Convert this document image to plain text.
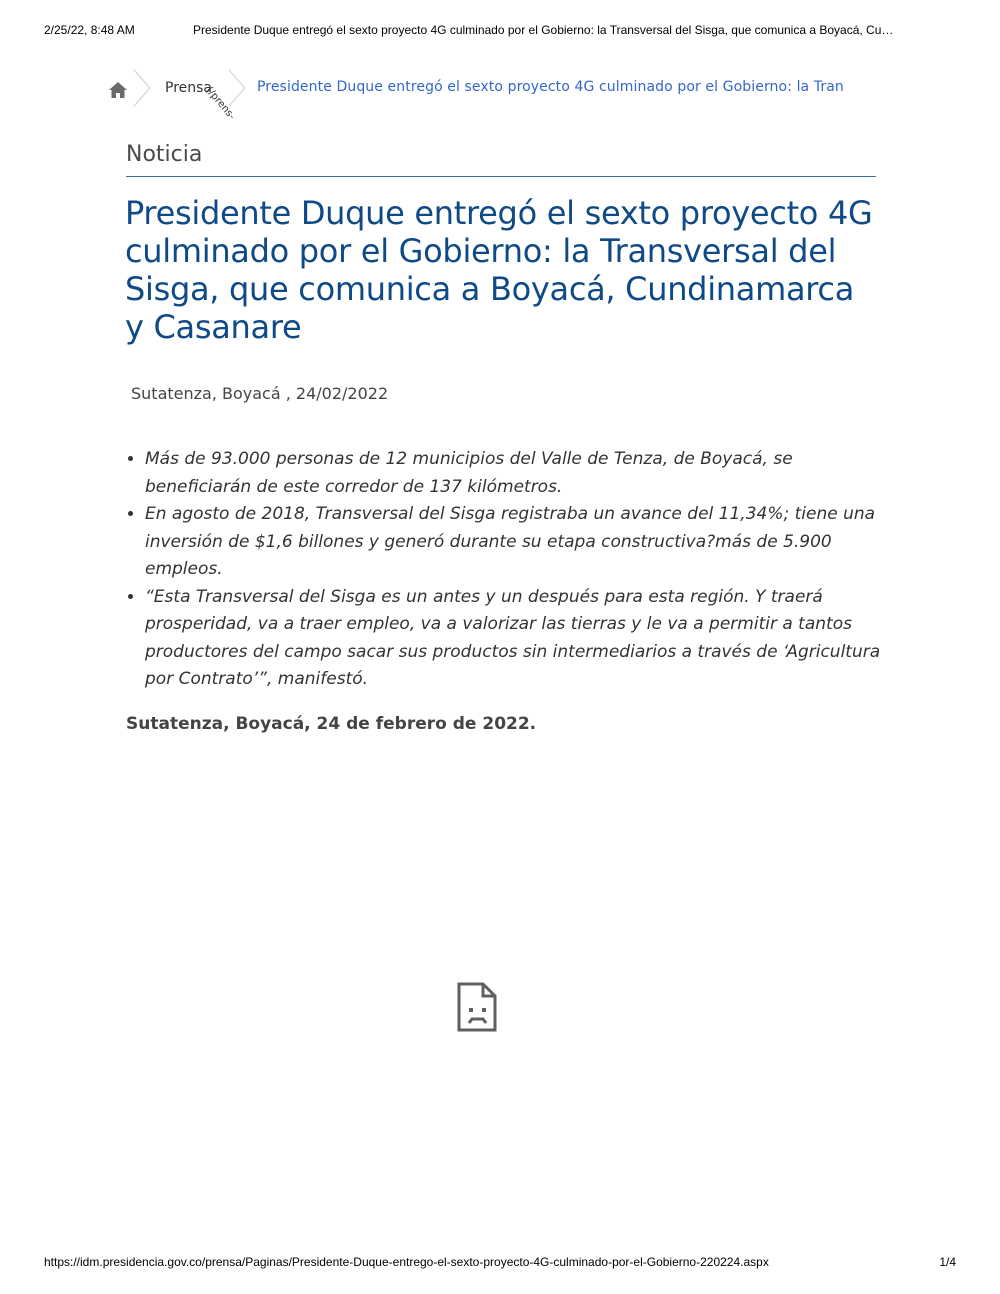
2/25/22, 8:48 AM	Presidente Duque entregó el sexto proyecto 4G culminado por el Gobierno: la Transversal del Sisga, que comunica a Boyacá, Cu…
Prensa
(/prens- Presidente Duque entregó el sexto proyecto 4G culminado por el Gobierno: la Tran
Noticia
Presidente Duque entregó el sexto proyecto 4G culminado por el Gobierno: la Transversal del Sisga, que comunica a Boyacá, Cundinamarca y Casanare
Sutatenza, Boyacá , 24/02/2022
• Más de 93.000 personas de 12 municipios del Valle de Tenza, de Boyacá, se beneficiarán de este corredor de 137 kilómetros.
• En agosto de 2018, Transversal del Sisga registraba un avance del 11,34%; tiene una inversión de $1,6 billones y generó durante su etapa constructiva?más de 5.900 empleos.
• “Esta Transversal del Sisga es un antes y un después para esta región. Y traerá prosperidad, va a traer empleo, va a valorizar las tierras y le va a permitir a tantos productores del campo sacar sus productos sin intermediarios a través de ‘Agricultura por Contrato’”, manifestó.
Sutatenza, Boyacá, 24 de febrero de 2022.
https://idm.presidencia.gov.co/prensa/Paginas/Presidente-Duque-entrego-el-sexto-proyecto-4G-culminado-por-el-Gobierno-220224.aspx	1/4
